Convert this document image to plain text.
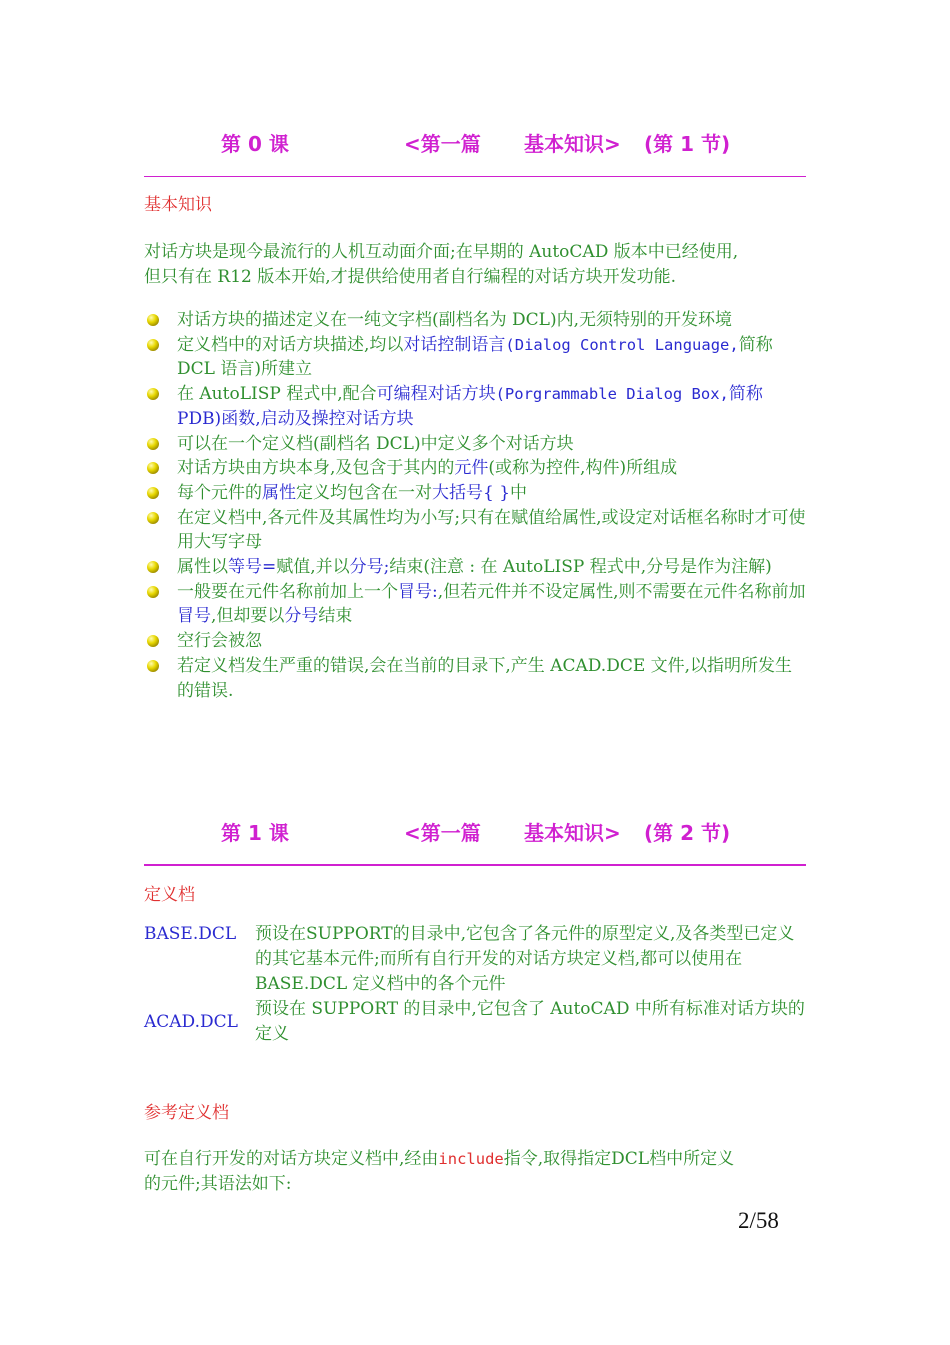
第 0 课	<第一篇 基本知识> (第 1 节)
基本知识
对话方块是现今最流行的人机互动面介面;在早期的 AutoCAD 版本中已经使用,
但只有在 R12 版本开始,才提供给使用者自行编程的对话方块开发功能.
对话方块的描述定义在一纯文字档(副档名为 DCL)内,无须特别的开发环境
定义档中的对话方块描述,均以对话控制语言(Dialog Control Language,简称 DCL 语言)所建立
在 AutoLISP 程式中,配合可编程对话方块(Porgrammable Dialog Box,简称 PDB)函数,启动及操控对话方块
可以在一个定义档(副档名 DCL)中定义多个对话方块
对话方块由方块本身,及包含于其内的元件(或称为控件,构件)所组成
每个元件的属性定义均包含在一对大括号{ }中
在定义档中,各元件及其属性均为小写;只有在赋值给属性,或设定对话框名称时才可使用大写字母
属性以等号=赋值,并以分号;结束(注意 : 在 AutoLISP 程式中,分号是作为注解)
一般要在元件名称前加上一个冒号:,但若元件并不设定属性,则不需要在元件名称前加冒号,但却要以分号结束
空行会被忽
若定义档发生严重的错误,会在当前的目录下,产生 ACAD.DCE 文件,以指明所发生的错误.
第 1 课	<第一篇 基本知识> (第 2 节)
定义档
BASE.DCL 预设在SUPPORT的目录中,它包含了各元件的原型定义,及各类型已定义的其它基本元件;而所有自行开发的对话方块定义档,都可以使用在 BASE.DCL 定义档中的各个元件
ACAD.DCL
预设在 SUPPORT 的目录中,它包含了 AutoCAD 中所有标准对话方块的定义
参考定义档
可在自行开发的对话方块定义档中,经由include指令,取得指定DCL档中所定义
的元件;其语法如下:
2/58
